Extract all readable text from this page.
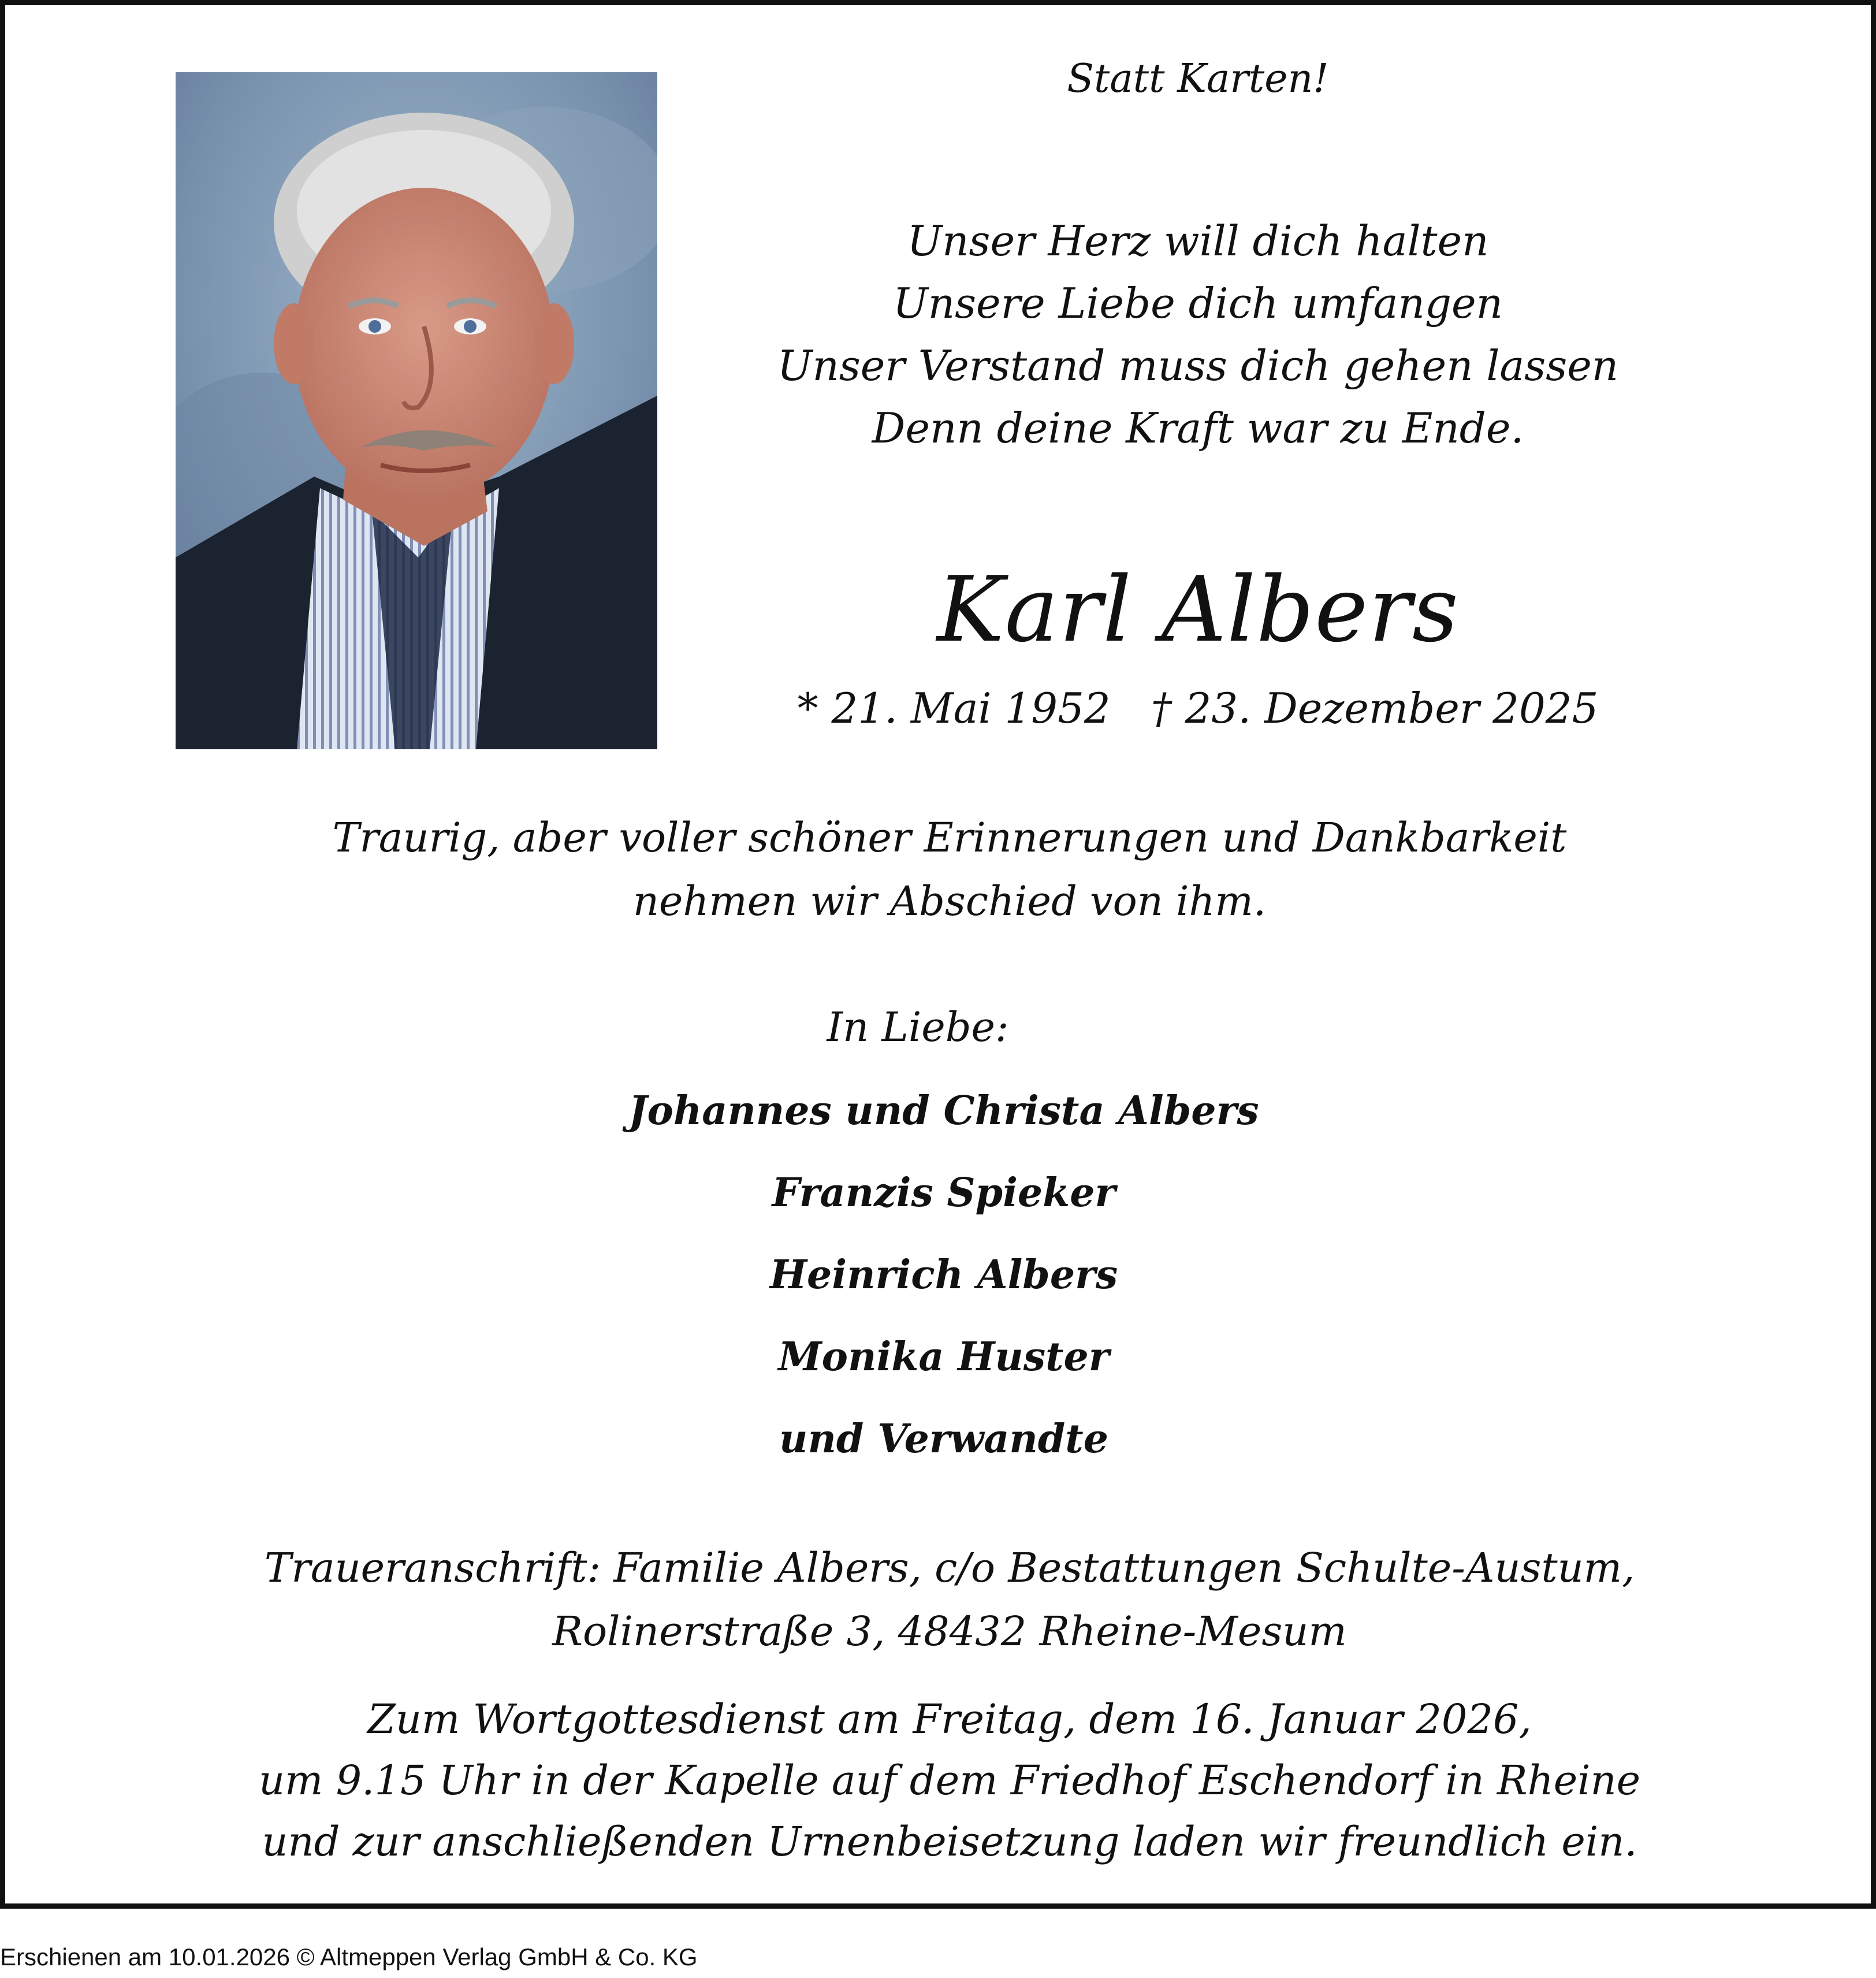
Statt Karten!

Unser Herz will dich halten

Unsere Liebe dich umfangen

Unser Verstand muss dich gehen lassen

Denn deine Kraft war zu Ende.

Karl Albers

* 21. Mai 1952 † 23. Dezember 2025

Traurig, aber voller schöner Erinnerungen und Dankbarkeit

nehmen wir Abschied von ihm.

In Liebe:

Johannes und Christa Albers

Franzis Spieker

Heinrich Albers

Monika Huster

und Verwandte

Traueranschrift: Familie Albers, c/o Bestattungen Schulte-Austum,

Rolinerstraße 3, 48432 Rheine-Mesum

Zum Wortgottesdienst am Freitag, dem 16. Januar 2026,

um 9.15 Uhr in der Kapelle auf dem Friedhof Eschendorf in Rheine

und zur anschließenden Urnenbeisetzung laden wir freundlich ein.

Erschienen am 10.01.2026 © Altmeppen Verlag GmbH & Co. KG
